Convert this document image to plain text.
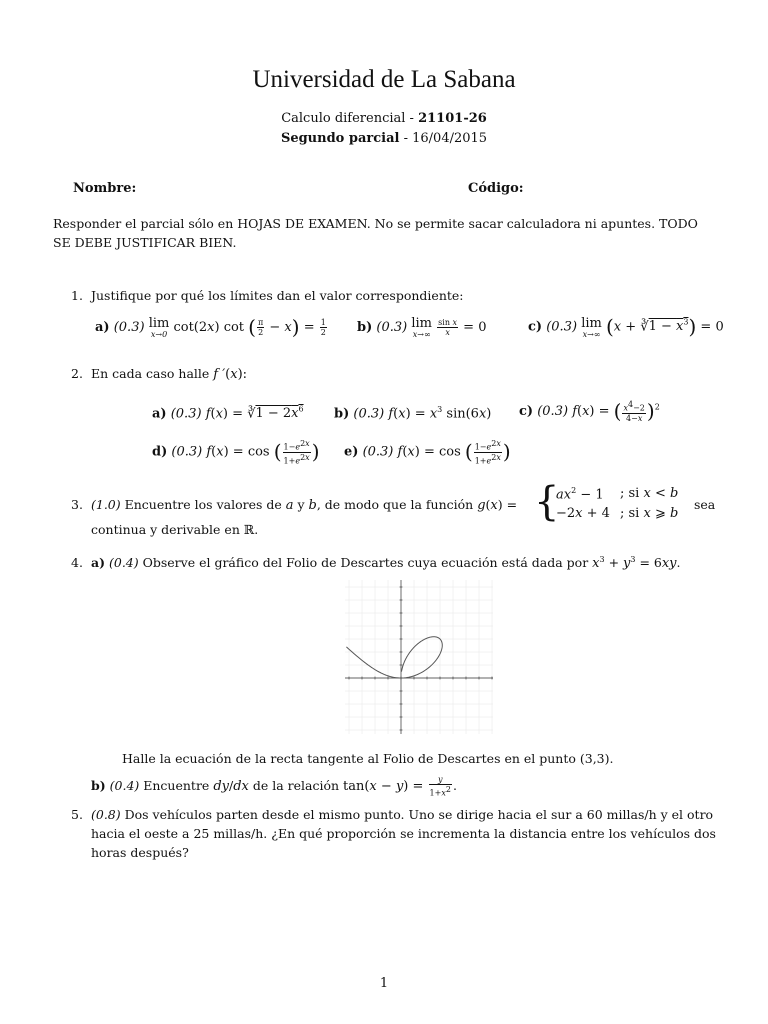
Universidad de La Sabana
Calculo diferencial - 21101-26
Segundo parcial - 16/04/2015
Nombre:	Código:
Responder el parcial sólo en HOJAS DE EXAMEN. No se permite sacar calculadora ni apuntes. TODO
SE DEBE JUSTIFICAR BIEN.
1. Justifique por qué los límites dan el valor correspondiente:
a) (0.3) lim
x→0 cot(2x) cot ( $\frac{\pi}{2} - x) = \frac{1}{2} b$) (0.3) lim
x→∞
$\frac{\text{sin x}}{x} = 0$	c) (0.3) lim
x→∞ (x + ∛1 − $x^3) = 0$
2. En cada caso halle f ′(x):
a) (0.3) f(x) = ∛1 − $2x^6$ b) (0.3) $f(x) = x^3$ sin(6x) c) (0.3) f(x) = ( $\frac{x^4-2}{4-x} )^2$
d) (0.3) f(x) = cos ( $\frac{1-e^{2x}}{1+e^{2x}}$ ) e) (0.3) f(x) = cos ( $\frac{1-e^{2x}}{1+e^{2x}}$ )
3. (1.0) Encuentre los valores de a y b, de modo que la función g(x) = {
$ax^2 - 1$ ; si x < b
−2x + 4 ; si x ⩾ b
sea
continua y derivable en ℝ.
4. a) (0.4) Observe el gráfico del Folio de Descartes cuya ecuación está dada por $x^3 + y^3 = 6xy$.
Halle la ecuación de la recta tangente al Folio de Descartes en el punto (3,3).
b) (0.4) Encuentre dy/dx de la relación $\tan(x - y) = \frac{y}{1+x^2}$ .
5. (0.8) Dos vehículos parten desde el mismo punto. Uno se dirige hacia el sur a 60 millas/h y el otro
hacia el oeste a 25 millas/h. ¿En qué proporción se incrementa la distancia entre los vehículos dos
horas después?
1
